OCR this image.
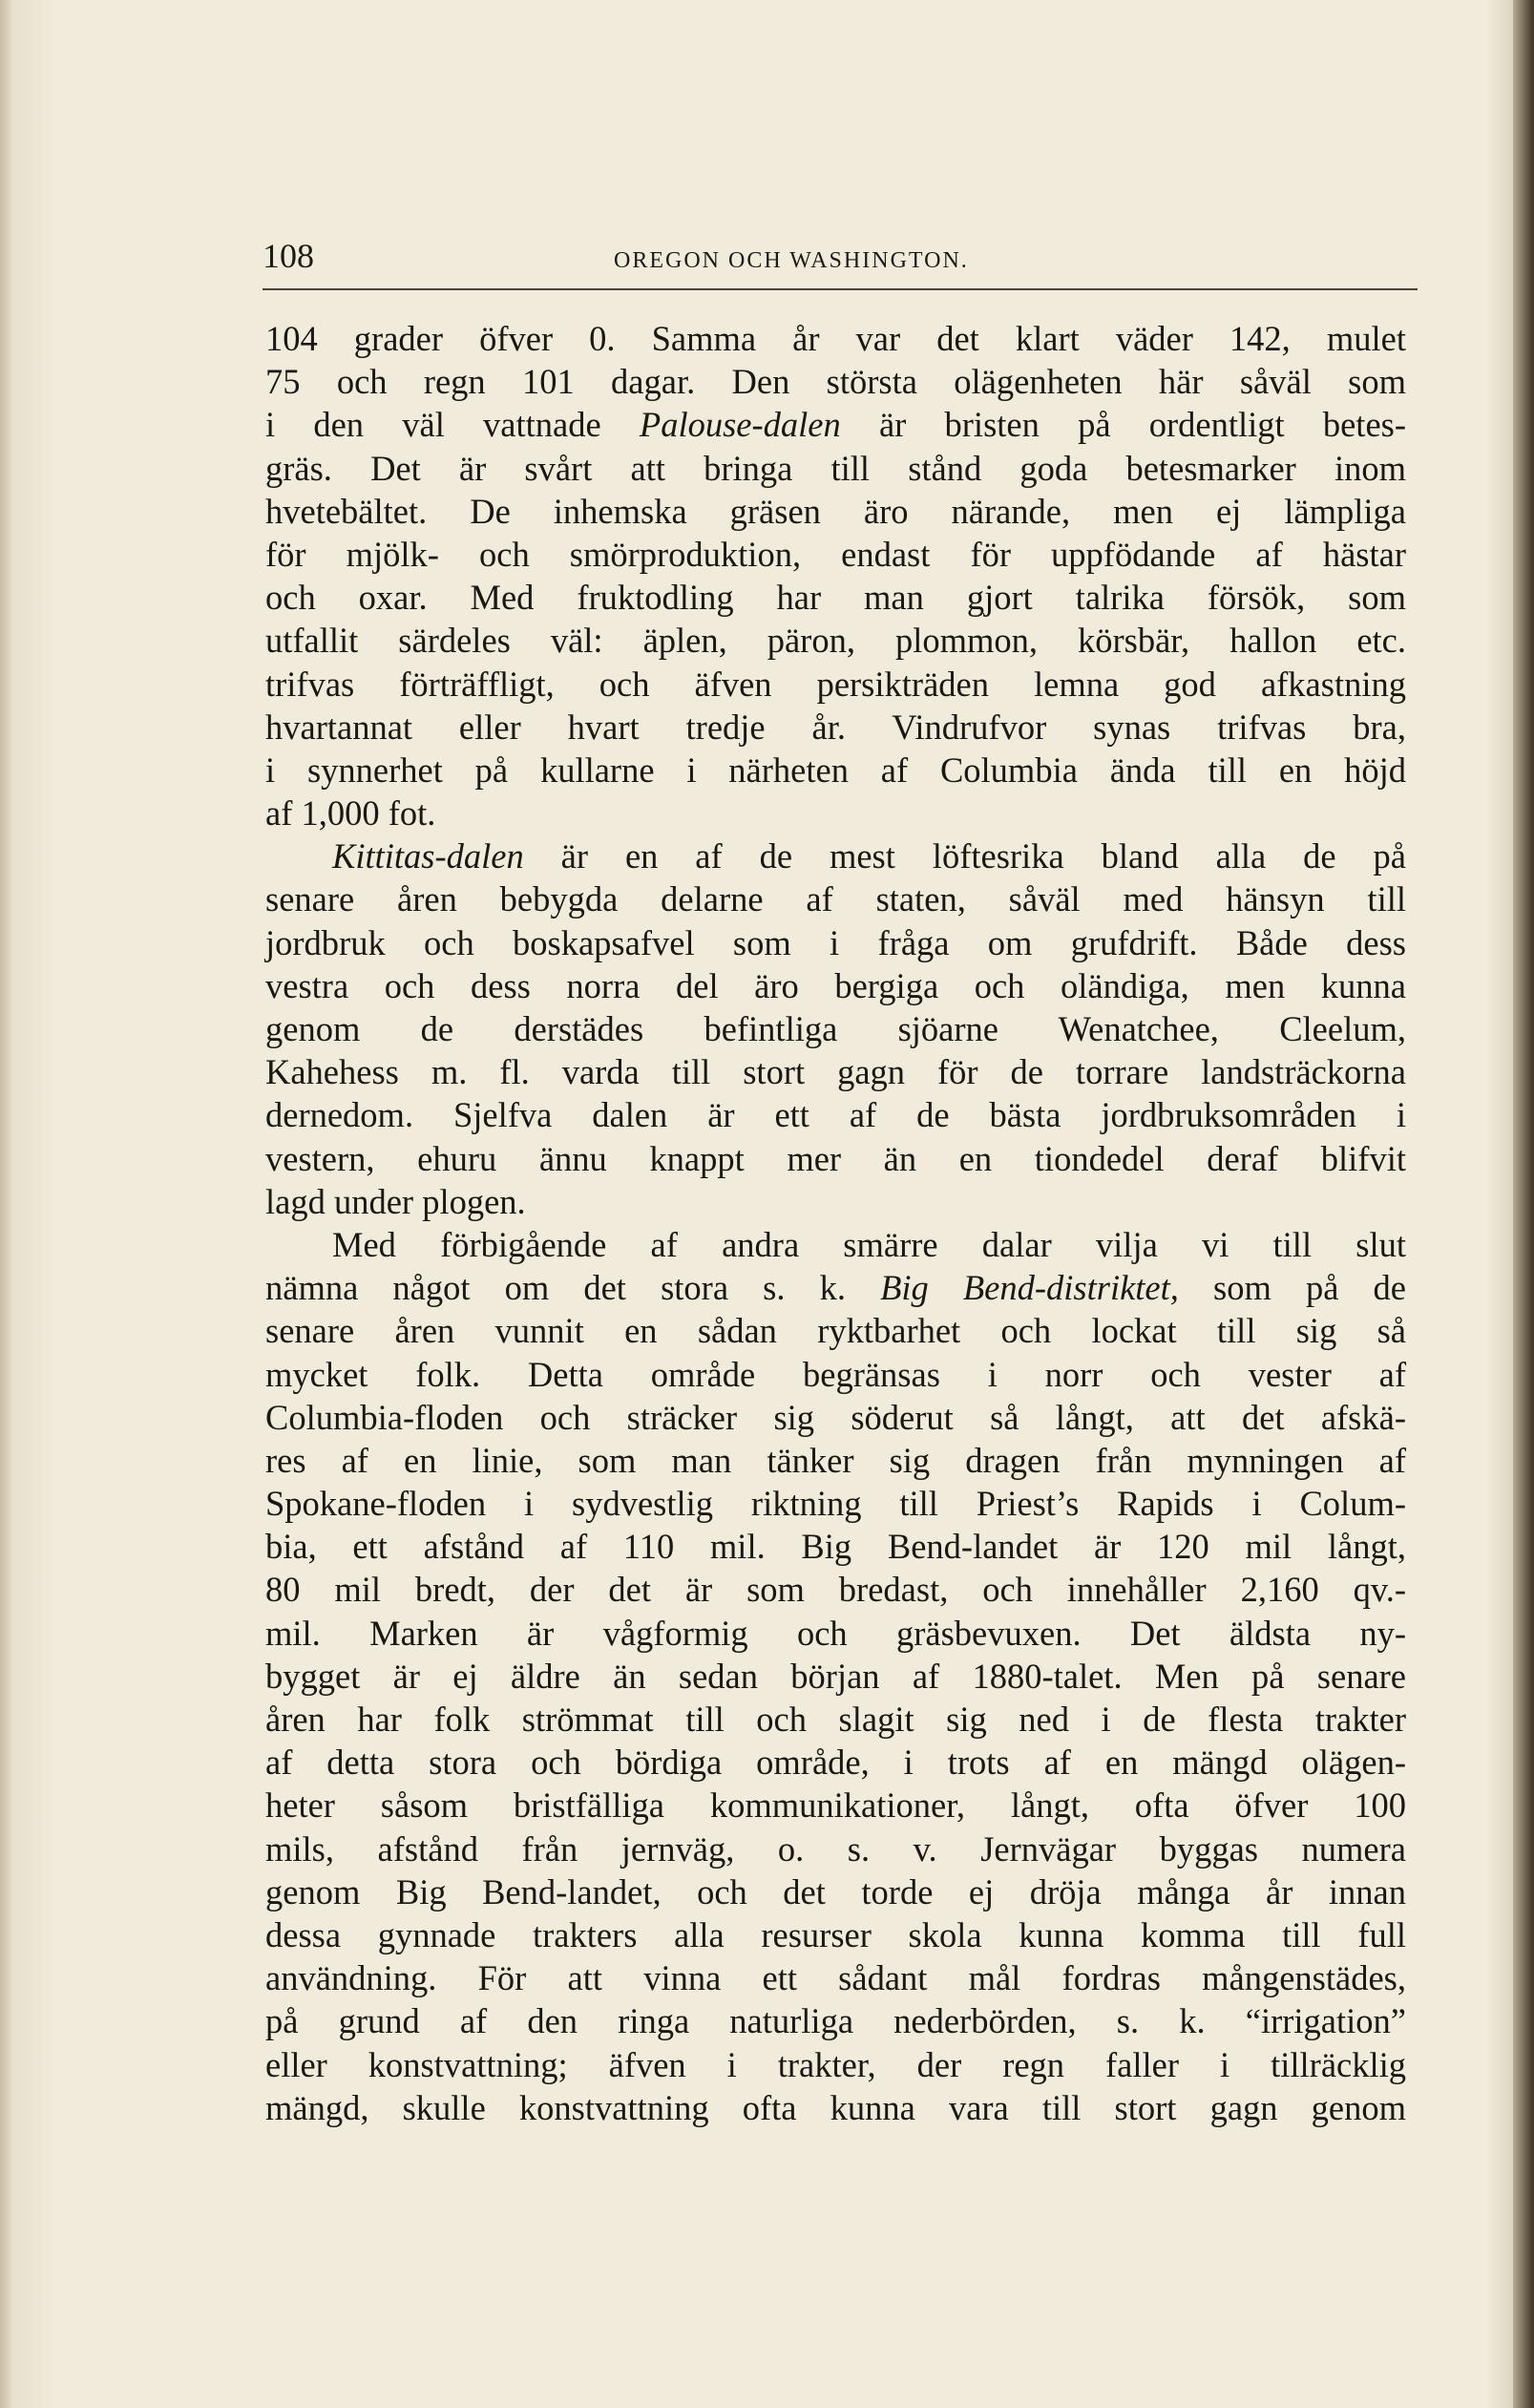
108	OREGON OCH WASHINGTON.
104 grader öfver 0. Samma år var det klart väder 142, mulet
75 och regn 101 dagar. Den största olägenheten här såväl som
i den väl vattnade Palouse-dalen är bristen på ordentligt betes-
gräs. Det är svårt att bringa till stånd goda betesmarker inom
hvetebältet. De inhemska gräsen äro närande, men ej lämpliga
för mjölk- och smörproduktion, endast för uppfödande af hästar
och oxar. Med fruktodling har man gjort talrika försök, som
utfallit särdeles väl: äplen, päron, plommon, körsbär, hallon etc.
trifvas förträffligt, och äfven persikträden lemna god afkastning
hvartannat eller hvart tredje år. Vindrufvor synas trifvas bra,
i synnerhet på kullarne i närheten af Columbia ända till en höjd
af 1,000 fot.
Kittitas-dalen är en af de mest löftesrika bland alla de på
senare åren bebygda delarne af staten, såväl med hänsyn till
jordbruk och boskapsafvel som i fråga om grufdrift. Både dess
vestra och dess norra del äro bergiga och oländiga, men kunna
genom de derstädes befintliga sjöarne Wenatchee, Cleelum,
Kahehess m. fl. varda till stort gagn för de torrare landsträckorna
dernedom. Sjelfva dalen är ett af de bästa jordbruksområden i
vestern, ehuru ännu knappt mer än en tiondedel deraf blifvit
lagd under plogen.
Med förbigående af andra smärre dalar vilja vi till slut
nämna något om det stora s. k. Big Bend-distriktet, som på de
senare åren vunnit en sådan ryktbarhet och lockat till sig så
mycket folk. Detta område begränsas i norr och vester af
Columbia-floden och sträcker sig söderut så långt, att det afskä-
res af en linie, som man tänker sig dragen från mynningen af
Spokane-floden i sydvestlig riktning till Priest’s Rapids i Colum-
bia, ett afstånd af 110 mil. Big Bend-landet är 120 mil långt,
80 mil bredt, der det är som bredast, och innehåller 2,160 qv.-
mil. Marken är vågformig och gräsbevuxen. Det äldsta ny-
bygget är ej äldre än sedan början af 1880-talet. Men på senare
åren har folk strömmat till och slagit sig ned i de flesta trakter
af detta stora och bördiga område, i trots af en mängd olägen-
heter såsom bristfälliga kommunikationer, långt, ofta öfver 100
mils, afstånd från jernväg, o. s. v. Jernvägar byggas numera
genom Big Bend-landet, och det torde ej dröja många år innan
dessa gynnade trakters alla resurser skola kunna komma till full
användning. För att vinna ett sådant mål fordras mångenstädes,
på grund af den ringa naturliga nederbörden, s. k. “irrigation”
eller konstvattning; äfven i trakter, der regn faller i tillräcklig
mängd, skulle konstvattning ofta kunna vara till stort gagn genom
